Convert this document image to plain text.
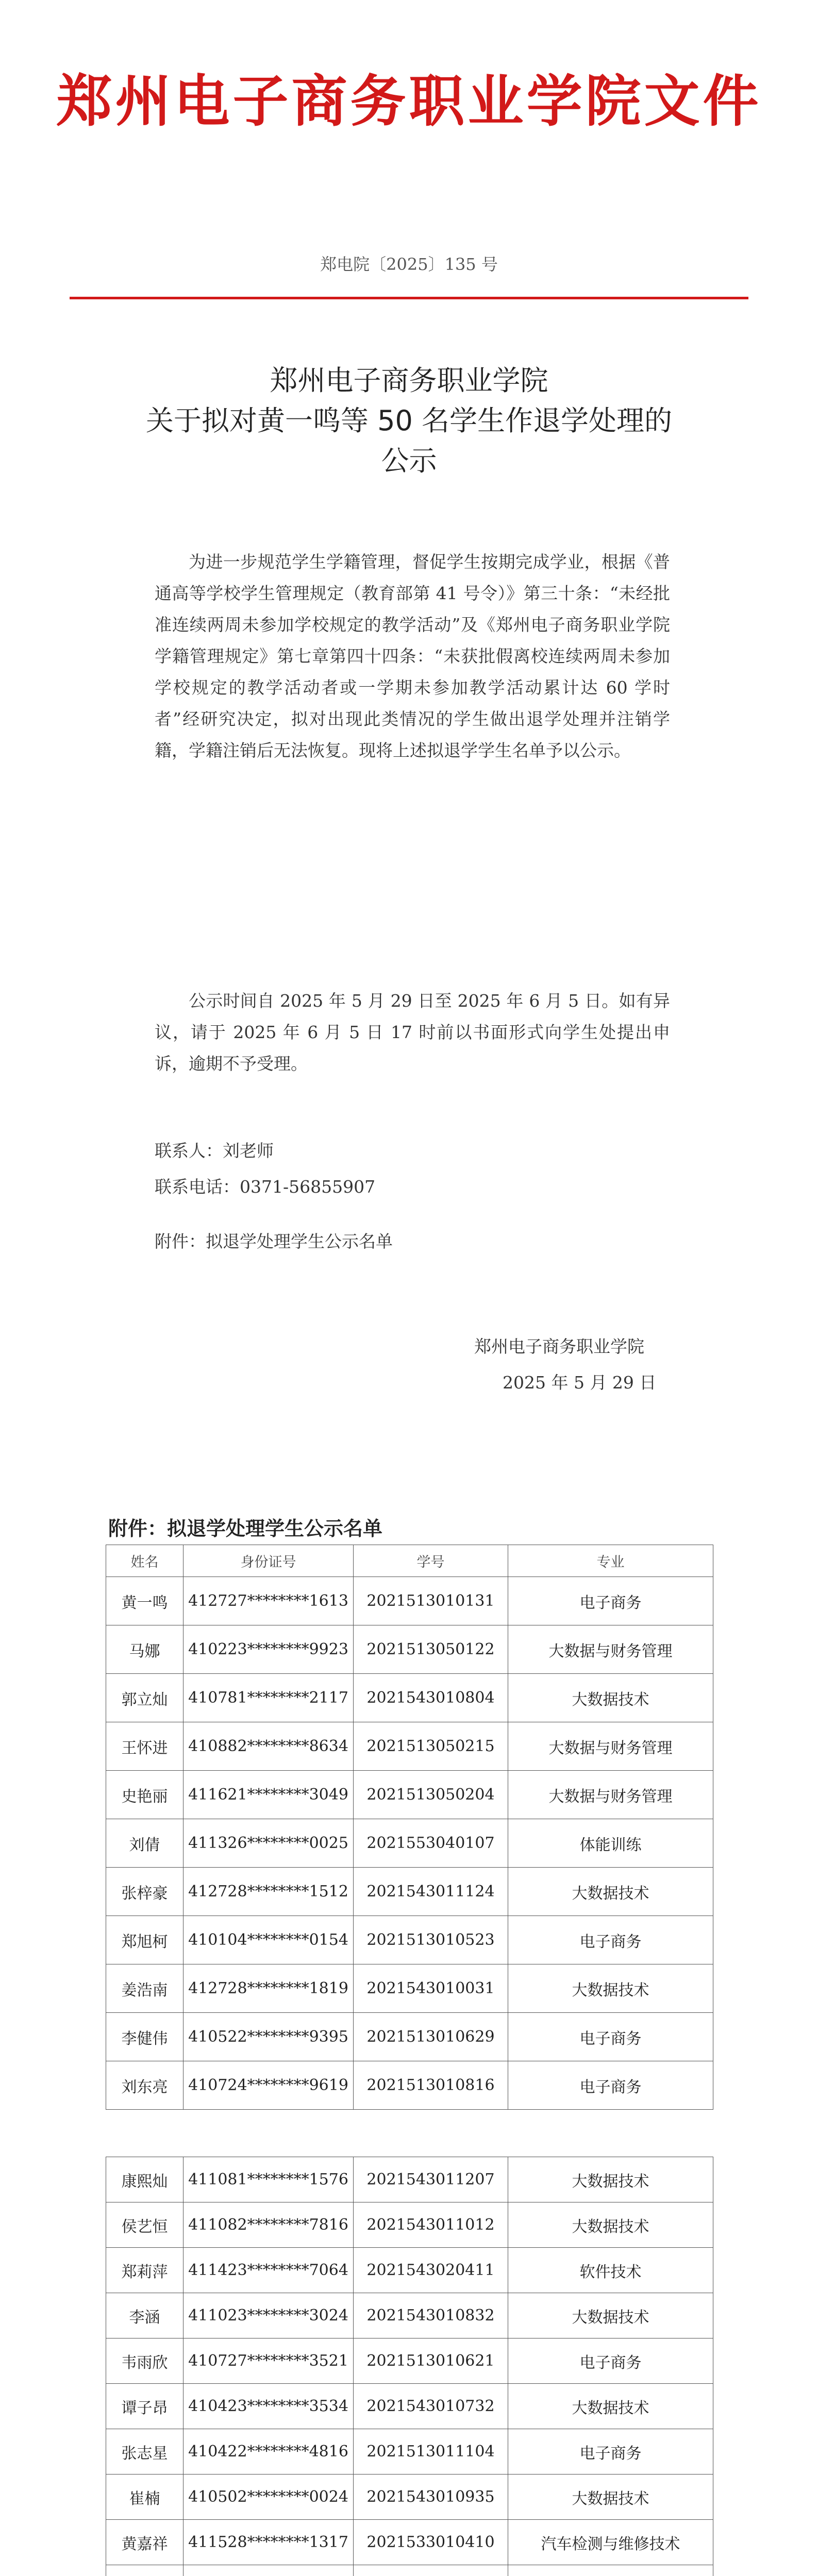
郑州电子商务职业学院文件
郑电院〔2025〕135 号
郑州电子商务职业学院
关于拟对黄一鸣等 50 名学生作退学处理的
公示
为进一步规范学生学籍管理，督促学生按期完成学业，根据《普通高等学校学生管理规定（教育部第 41 号令）》第三十条：“未经批准连续两周未参加学校规定的教学活动”及《郑州电子商务职业学院学籍管理规定》第七章第四十四条：“未获批假离校连续两周未参加学校规定的教学活动者或一学期未参加教学活动累计达 60 学时者”经研究决定，拟对出现此类情况的学生做出退学处理并注销学籍，学籍注销后无法恢复。现将上述拟退学学生名单予以公示。
公示时间自 2025 年 5 月 29 日至 2025 年 6 月 5 日。如有异议，请于 2025 年 6 月 5 日 17 时前以书面形式向学生处提出申诉，逾期不予受理。
联系人：刘老师
联系电话：0371-56855907
附件：拟退学处理学生公示名单
郑州电子商务职业学院
2025 年 5 月 29 日
附件：拟退学处理学生公示名单
姓名	身份证号	学号	专业
黄一鸣	412727********1613	2021513010131	电子商务
马娜	410223********9923	2021513050122	大数据与财务管理
郭立灿	410781********2117	2021543010804	大数据技术
王怀进	410882********8634	2021513050215	大数据与财务管理
史艳丽	411621********3049	2021513050204	大数据与财务管理
刘倩	411326********0025	2021553040107	体能训练
张梓豪	412728********1512	2021543011124	大数据技术
郑旭柯	410104********0154	2021513010523	电子商务
姜浩南	412728********1819	2021543010031	大数据技术
李健伟	410522********9395	2021513010629	电子商务
刘东亮	410724********9619	2021513010816	电子商务
康熙灿	411081********1576	2021543011207	大数据技术
侯艺恒	411082********7816	2021543011012	大数据技术
郑莉萍	411423********7064	2021543020411	软件技术
李涵	411023********3024	2021543010832	大数据技术
韦雨欣	410727********3521	2021513010621	电子商务
谭子昂	410423********3534	2021543010732	大数据技术
张志星	410422********4816	2021513011104	电子商务
崔楠	410502********0024	2021543010935	大数据技术
黄嘉祥	411528********1317	2021533010410	汽车检测与维修技术
